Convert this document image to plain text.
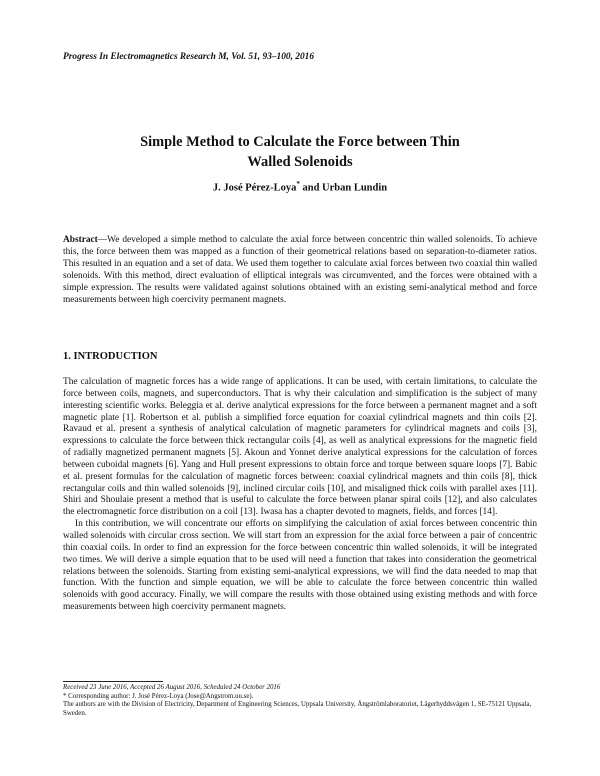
Progress In Electromagnetics Research M, Vol. 51, 93–100, 2016
Simple Method to Calculate the Force between Thin
Walled Solenoids
J. José Pérez-Loya* and Urban Lundin
Abstract—We developed a simple method to calculate the axial force between concentric thin walled solenoids. To achieve this, the force between them was mapped as a function of their geometrical relations based on separation-to-diameter ratios. This resulted in an equation and a set of data. We used them together to calculate axial forces between two coaxial thin walled solenoids. With this method, direct evaluation of elliptical integrals was circumvented, and the forces were obtained with a simple expression. The results were validated against solutions obtained with an existing semi-analytical method and force measurements between high coercivity permanent magnets.
1. INTRODUCTION

The calculation of magnetic forces has a wide range of applications. It can be used, with certain limitations, to calculate the force between coils, magnets, and superconductors. That is why their calculation and simplification is the subject of many interesting scientific works. Beleggia et al. derive analytical expressions for the force between a permanent magnet and a soft magnetic plate [1]. Robertson et al. publish a simplified force equation for coaxial cylindrical magnets and thin coils [2]. Ravaud et al. present a synthesis of analytical calculation of magnetic parameters for cylindrical magnets and coils [3], expressions to calculate the force between thick rectangular coils [4], as well as analytical expressions for the magnetic field of radially magnetized permanent magnets [5]. Akoun and Yonnet derive analytical expressions for the calculation of forces between cuboidal magnets [6]. Yang and Hull present expressions to obtain force and torque between square loops [7]. Babic et al. present formulas for the calculation of magnetic forces between: coaxial cylindrical magnets and thin coils [8], thick rectangular coils and thin walled solenoids [9], inclined circular coils [10], and misaligned thick coils with parallel axes [11]. Shiri and Shoulaie present a method that is useful to calculate the force between planar spiral coils [12], and also calculates the electromagnetic force distribution on a coil [13]. Iwasa has a chapter devoted to magnets, fields, and forces [14].

In this contribution, we will concentrate our efforts on simplifying the calculation of axial forces between concentric thin walled solenoids with circular cross section. We will start from an expression for the axial force between a pair of concentric thin coaxial coils. In order to find an expression for the force between concentric thin walled solenoids, it will be integrated two times. We will derive a simple equation that to be used will need a function that takes into consideration the geometrical relations between the solenoids. Starting from existing semi-analytical expressions, we will find the data needed to map that function. With the function and simple equation, we will be able to calculate the force between concentric thin walled solenoids with good accuracy. Finally, we will compare the results with those obtained using existing methods and with force measurements between high coercivity permanent magnets.

Received 23 June 2016, Accepted 26 August 2016, Scheduled 24 October 2016
* Corresponding author: J. José Pérez-Loya (Jose@Angstrom.uu.se).
The authors are with the Division of Electricity, Department of Engineering Sciences, Uppsala University, Ångströmlaboratoriet, Lägerhyddsvägen 1, SE-75121 Uppsala, Sweden.
